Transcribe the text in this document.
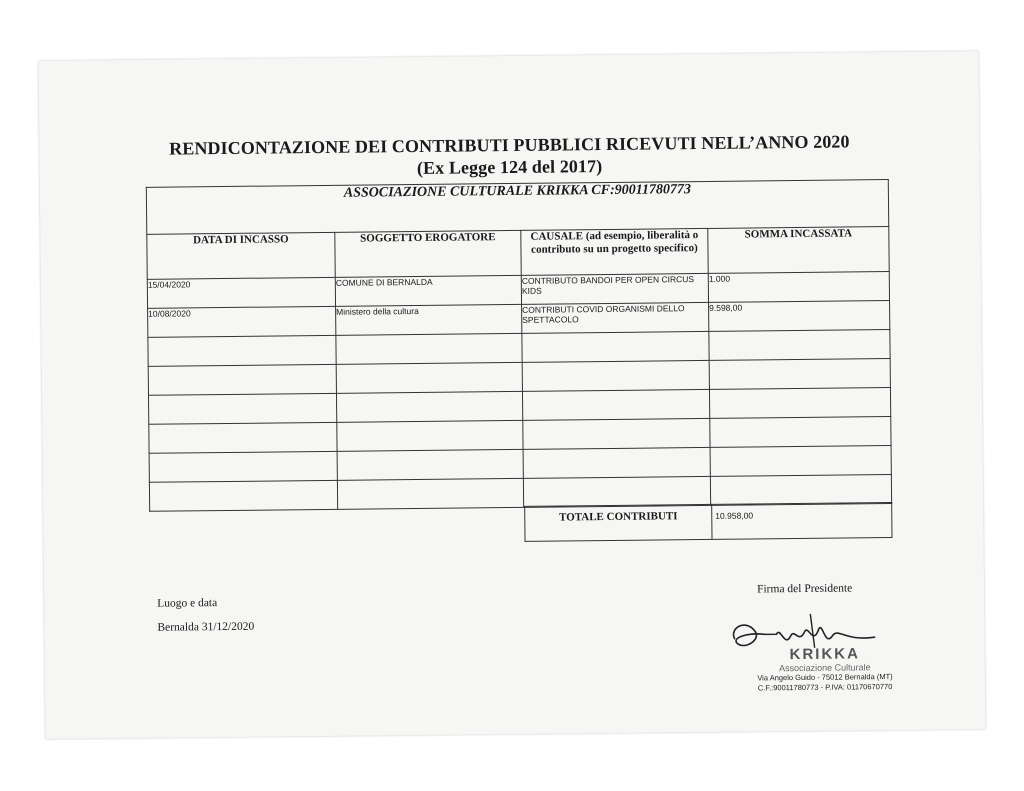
RENDICONTAZIONE DEI CONTRIBUTI PUBBLICI RICEVUTI NELL’ANNO 2020
(Ex Legge 124 del 2017)
ASSOCIAZIONE CULTURALE KRIKKA CF:90011780773			
DATA DI INCASSO	SOGGETTO EROGATORE	CAUSALE (ad esempio, liberalità o contributo su un progetto specifico)	SOMMA INCASSATA
15/04/2020	COMUNE DI BERNALDA	CONTRIBUTO BANDOI PER OPEN CIRCUS KIDS	1.000
10/08/2020	Ministero della cultura	CONTRIBUTI COVID ORGANISMI DELLO SPETTACOLO	9.598,00

TOTALE CONTRIBUTI	10.958,00
Luogo e data
Bernalda 31/12/2020
Firma del Presidente
KRIKKA
Associazione Culturale
Via Angelo Guido - 75012 Bernalda (MT)
C.F.:90011780773 - P.IVA: 01170670770
